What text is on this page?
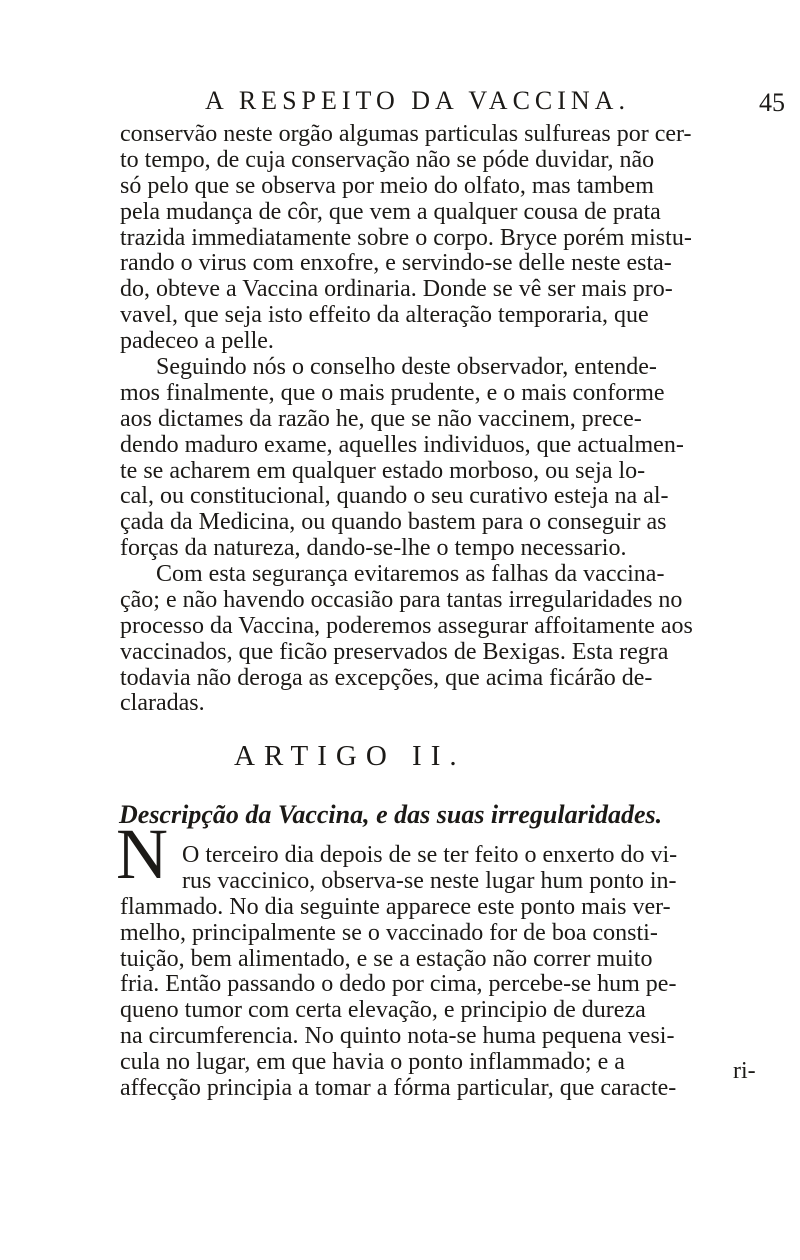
A RESPEITO DA VACCINA.	45
conservão neste orgão algumas particulas sulfureas por cer-
to tempo, de cuja conservação não se póde duvidar, não
só pelo que se observa por meio do olfato, mas tambem
pela mudança de côr, que vem a qualquer cousa de prata
trazida immediatamente sobre o corpo. Bryce porém mistu-
rando o virus com enxofre, e servindo-se delle neste esta-
do, obteve a Vaccina ordinaria. Donde se vê ser mais pro-
vavel, que seja isto effeito da alteração temporaria, que
padeceo a pelle.
Seguindo nós o conselho deste observador, entende-
mos finalmente, que o mais prudente, e o mais conforme
aos dictames da razão he, que se não vaccinem, prece-
dendo maduro exame, aquelles individuos, que actualmen-
te se acharem em qualquer estado morboso, ou seja lo-
cal, ou constitucional, quando o seu curativo esteja na al-
çada da Medicina, ou quando bastem para o conseguir as
forças da natureza, dando-se-lhe o tempo necessario.
Com esta segurança evitaremos as falhas da vaccina-
ção; e não havendo occasião para tantas irregularidades no
processo da Vaccina, poderemos assegurar affoitamente aos
vaccinados, que ficão preservados de Bexigas. Esta regra
todavia não deroga as excepções, que acima ficárão de-
claradas.
ARTIGO II.
Descripção da Vaccina, e das suas irregularidades.
N O terceiro dia depois de se ter feito o enxerto do vi-
rus vaccinico, observa-se neste lugar hum ponto in-
flammado. No dia seguinte apparece este ponto mais ver-
melho, principalmente se o vaccinado for de boa consti-
tuição, bem alimentado, e se a estação não correr muito
fria. Então passando o dedo por cima, percebe-se hum pe-
queno tumor com certa elevação, e principio de dureza
na circumferencia. No quinto nota-se huma pequena vesi-
cula no lugar, em que havia o ponto inflammado; e a
affecção principia a tomar a fórma particular, que caracte-
ri-
